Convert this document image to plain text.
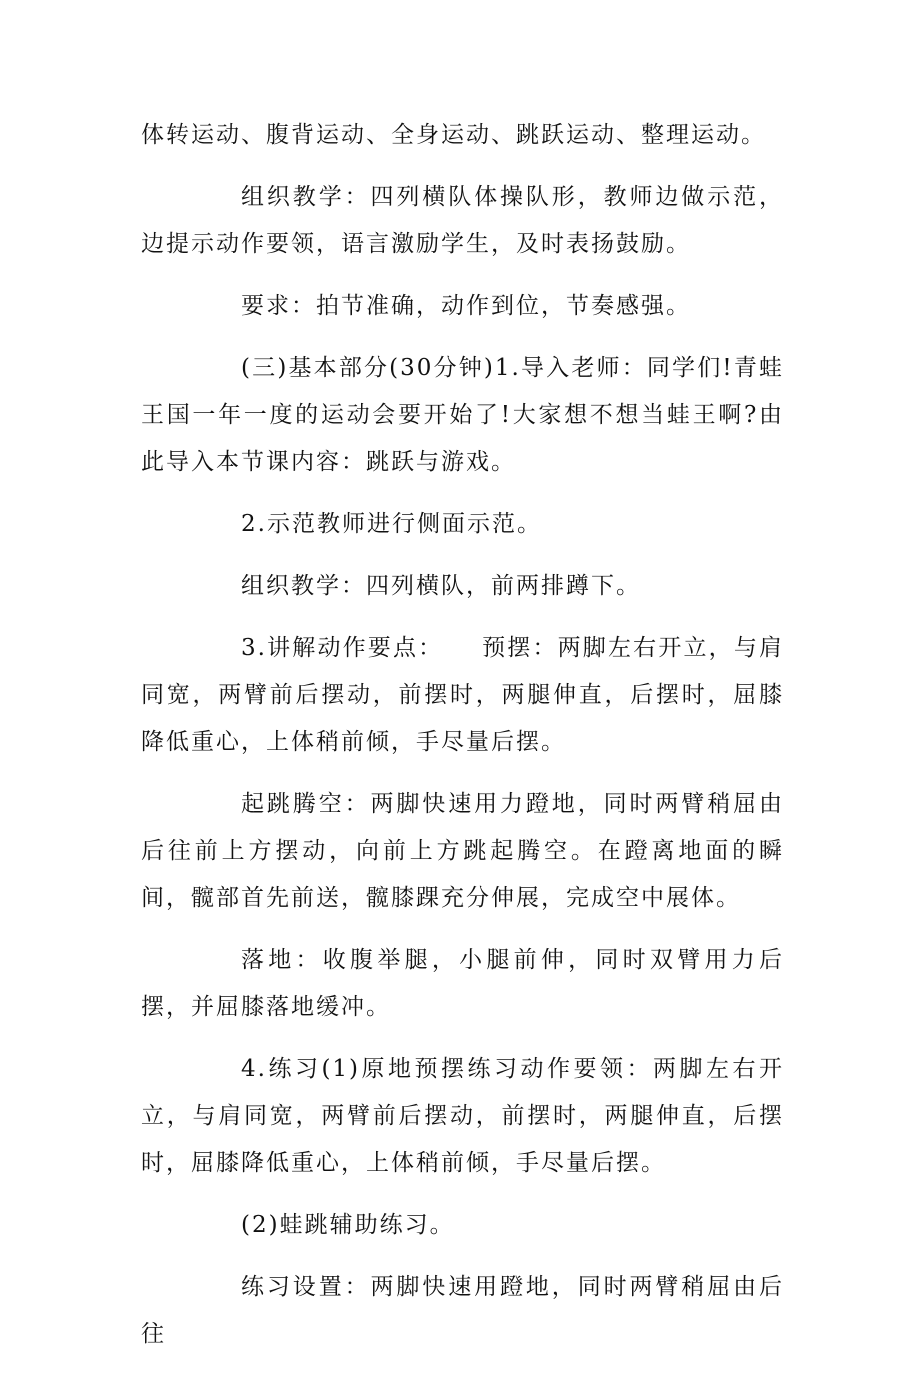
体转运动、腹背运动、全身运动、跳跃运动、整理运动。

组织教学：四列横队体操队形，教师边做示范，边提示动作要领，语言激励学生，及时表扬鼓励。

要求：拍节准确，动作到位，节奏感强。

(三)基本部分(30分钟)1.导入老师：同学们!青蛙王国一年一度的运动会要开始了!大家想不想当蛙王啊?由此导入本节课内容：跳跃与游戏。

2.示范教师进行侧面示范。

组织教学：四列横队，前两排蹲下。

3.讲解动作要点：　　预摆：两脚左右开立，与肩同宽，两臂前后摆动，前摆时，两腿伸直，后摆时，屈膝降低重心，上体稍前倾，手尽量后摆。

起跳腾空：两脚快速用力蹬地，同时两臂稍屈由后往前上方摆动，向前上方跳起腾空。在蹬离地面的瞬间，髋部首先前送，髋膝踝充分伸展，完成空中展体。

落地：收腹举腿，小腿前伸，同时双臂用力后摆，并屈膝落地缓冲。

4.练习(1)原地预摆练习动作要领：两脚左右开立，与肩同宽，两臂前后摆动，前摆时，两腿伸直，后摆时，屈膝降低重心，上体稍前倾，手尽量后摆。

(2)蛙跳辅助练习。

练习设置：两脚快速用蹬地，同时两臂稍屈由后往
